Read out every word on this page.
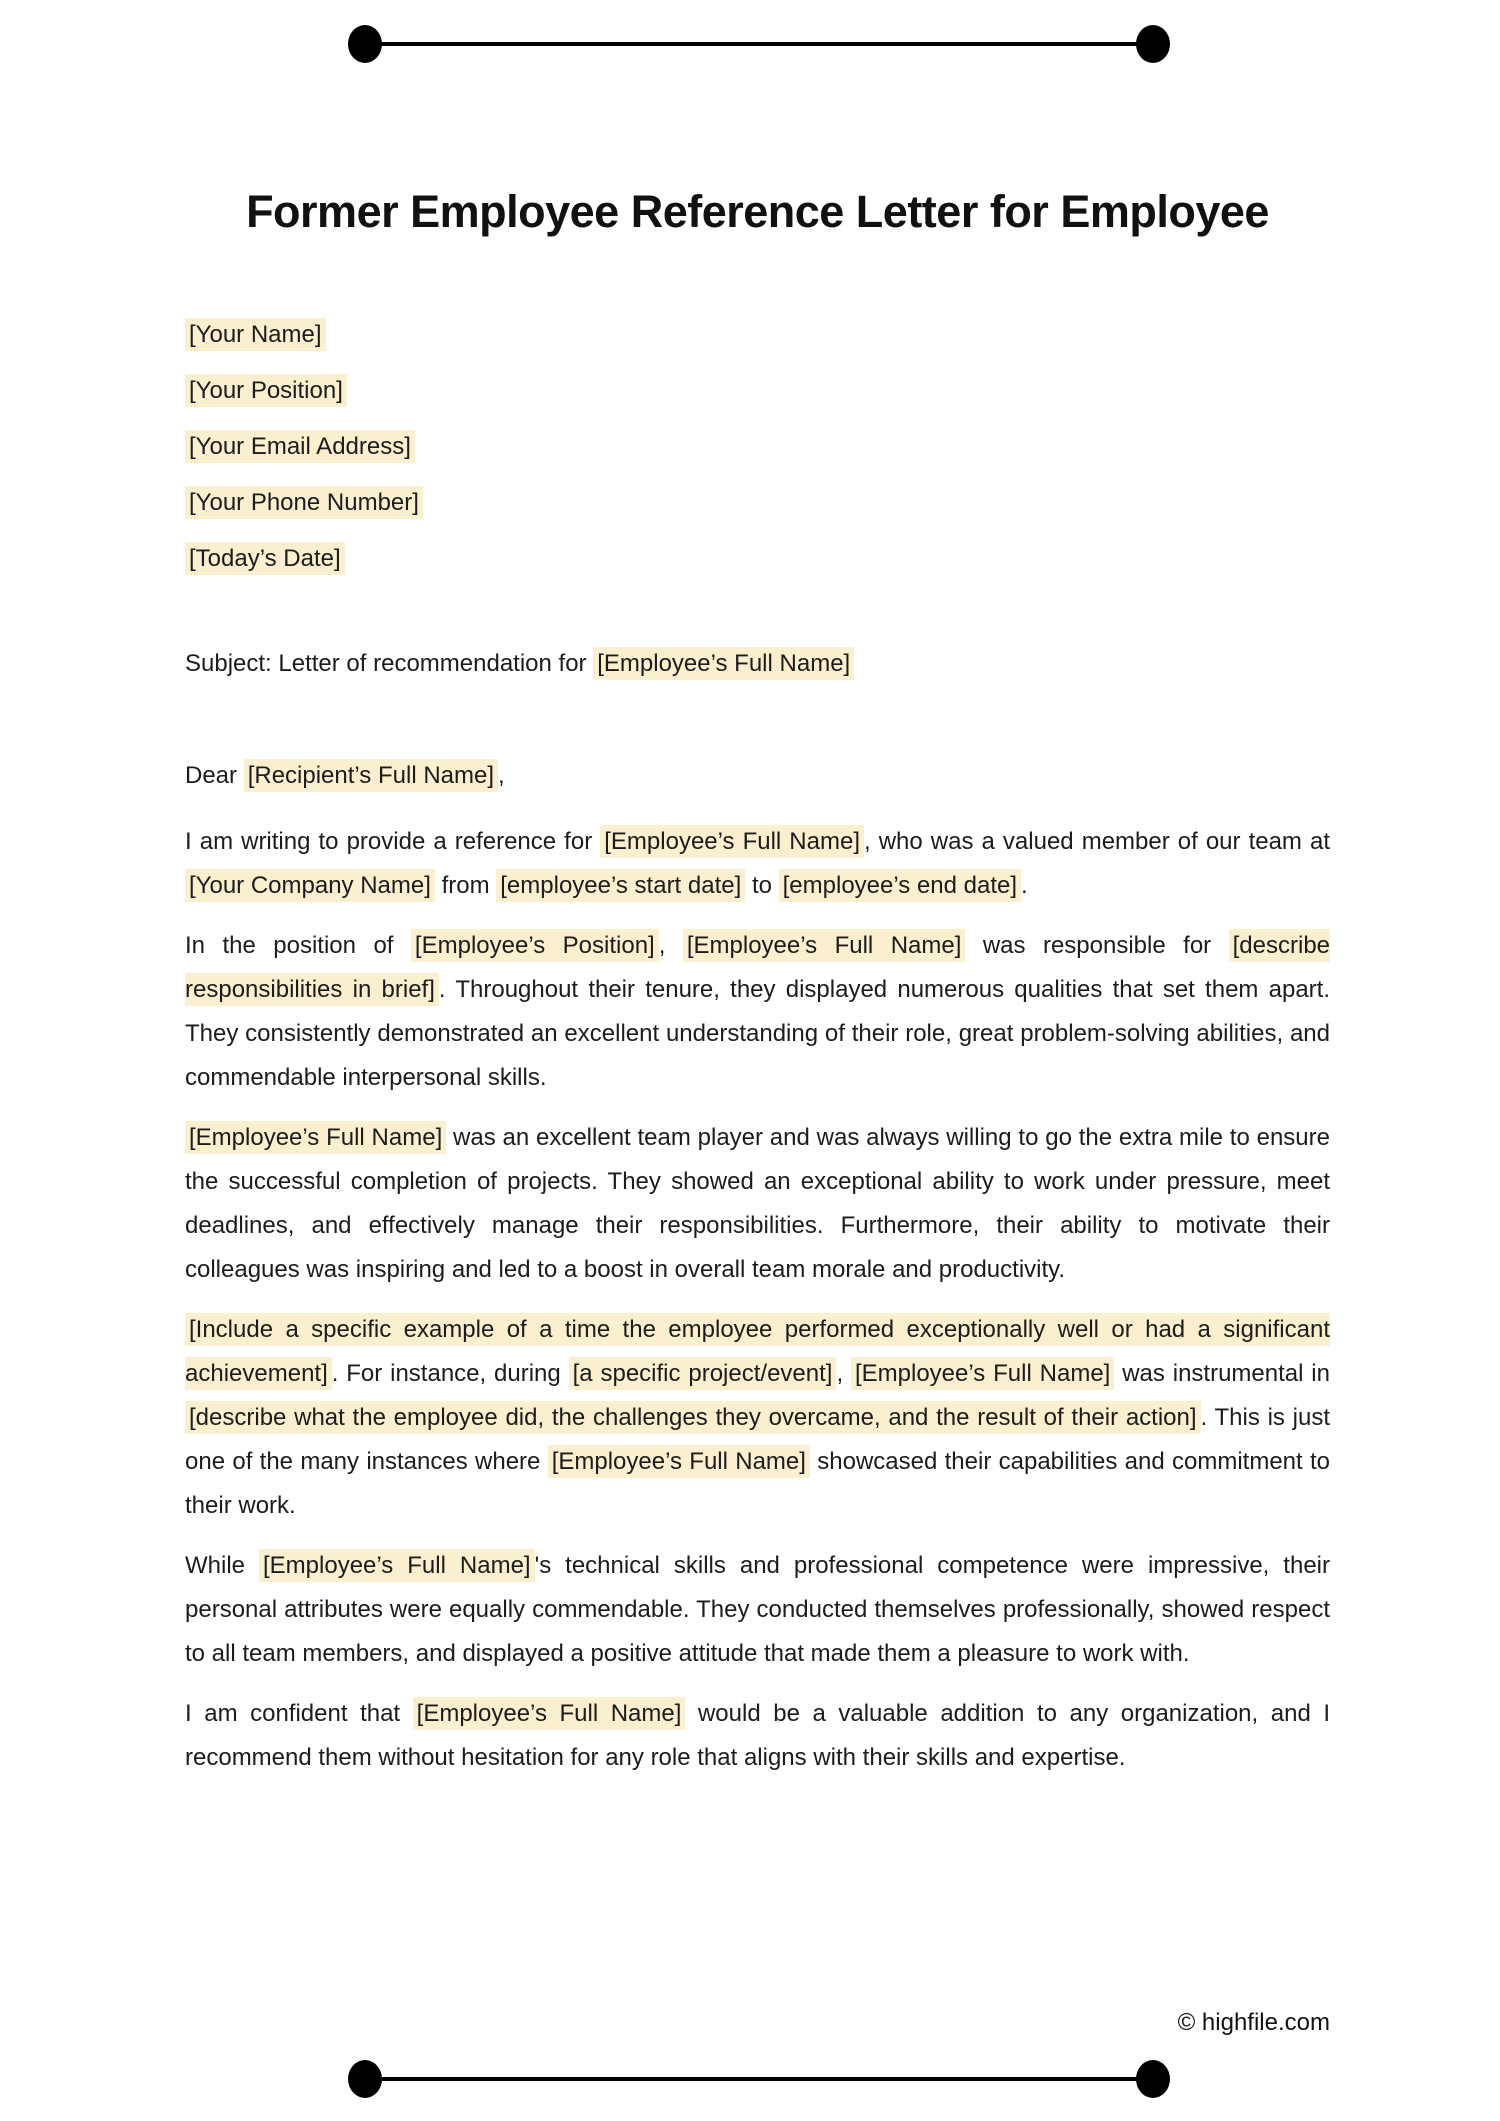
Former Employee Reference Letter for Employee
[Your Name]
[Your Position]
[Your Email Address]
[Your Phone Number]
[Today’s Date]
Subject: Letter of recommendation for [Employee’s Full Name]
Dear [Recipient’s Full Name] ,

I am writing to provide a reference for [Employee’s Full Name] , who was a valued member of our team at [Your Company Name] from [employee’s start date] to [employee’s end date] .

In the position of [Employee’s Position] , [Employee’s Full Name] was responsible for [describe responsibilities in brief] . Throughout their tenure, they displayed numerous qualities that set them apart. They consistently demonstrated an excellent understanding of their role, great problem-solving abilities, and commendable interpersonal skills.

[Employee’s Full Name] was an excellent team player and was always willing to go the extra mile to ensure the successful completion of projects. They showed an exceptional ability to work under pressure, meet deadlines, and effectively manage their responsibilities. Furthermore, their ability to motivate their colleagues was inspiring and led to a boost in overall team morale and productivity.

[Include a specific example of a time the employee performed exceptionally well or had a significant achievement] . For instance, during [a specific project/event] , [Employee’s Full Name] was instrumental in [describe what the employee did, the challenges they overcame, and the result of their action] . This is just one of the many instances where [Employee’s Full Name] showcased their capabilities and commitment to their work.

While [Employee’s Full Name] 's technical skills and professional competence were impressive, their personal attributes were equally commendable. They conducted themselves professionally, showed respect to all team members, and displayed a positive attitude that made them a pleasure to work with.

I am confident that [Employee’s Full Name] would be a valuable addition to any organization, and I recommend them without hesitation for any role that aligns with their skills and expertise.

© highfile.com
